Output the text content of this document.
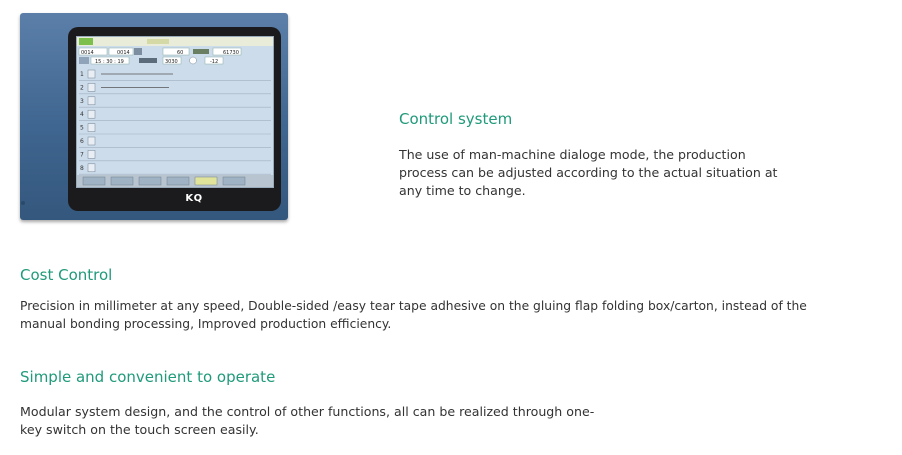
0014	0014	60	61730
15 : 30 : 19	3030	-12
1
2
3
4
5
6
7
8
KQ
Control system
The use of man-machine dialoge mode, the production
process can be adjusted according to the actual situation at
any time to change.
Cost Control
Precision in millimeter at any speed, Double-sided /easy tear tape adhesive on the gluing flap folding box/carton, instead of the
manual bonding processing, Improved production efficiency.
Simple and convenient to operate
Modular system design, and the control of other functions, all can be realized through one-
key switch on the touch screen easily.
